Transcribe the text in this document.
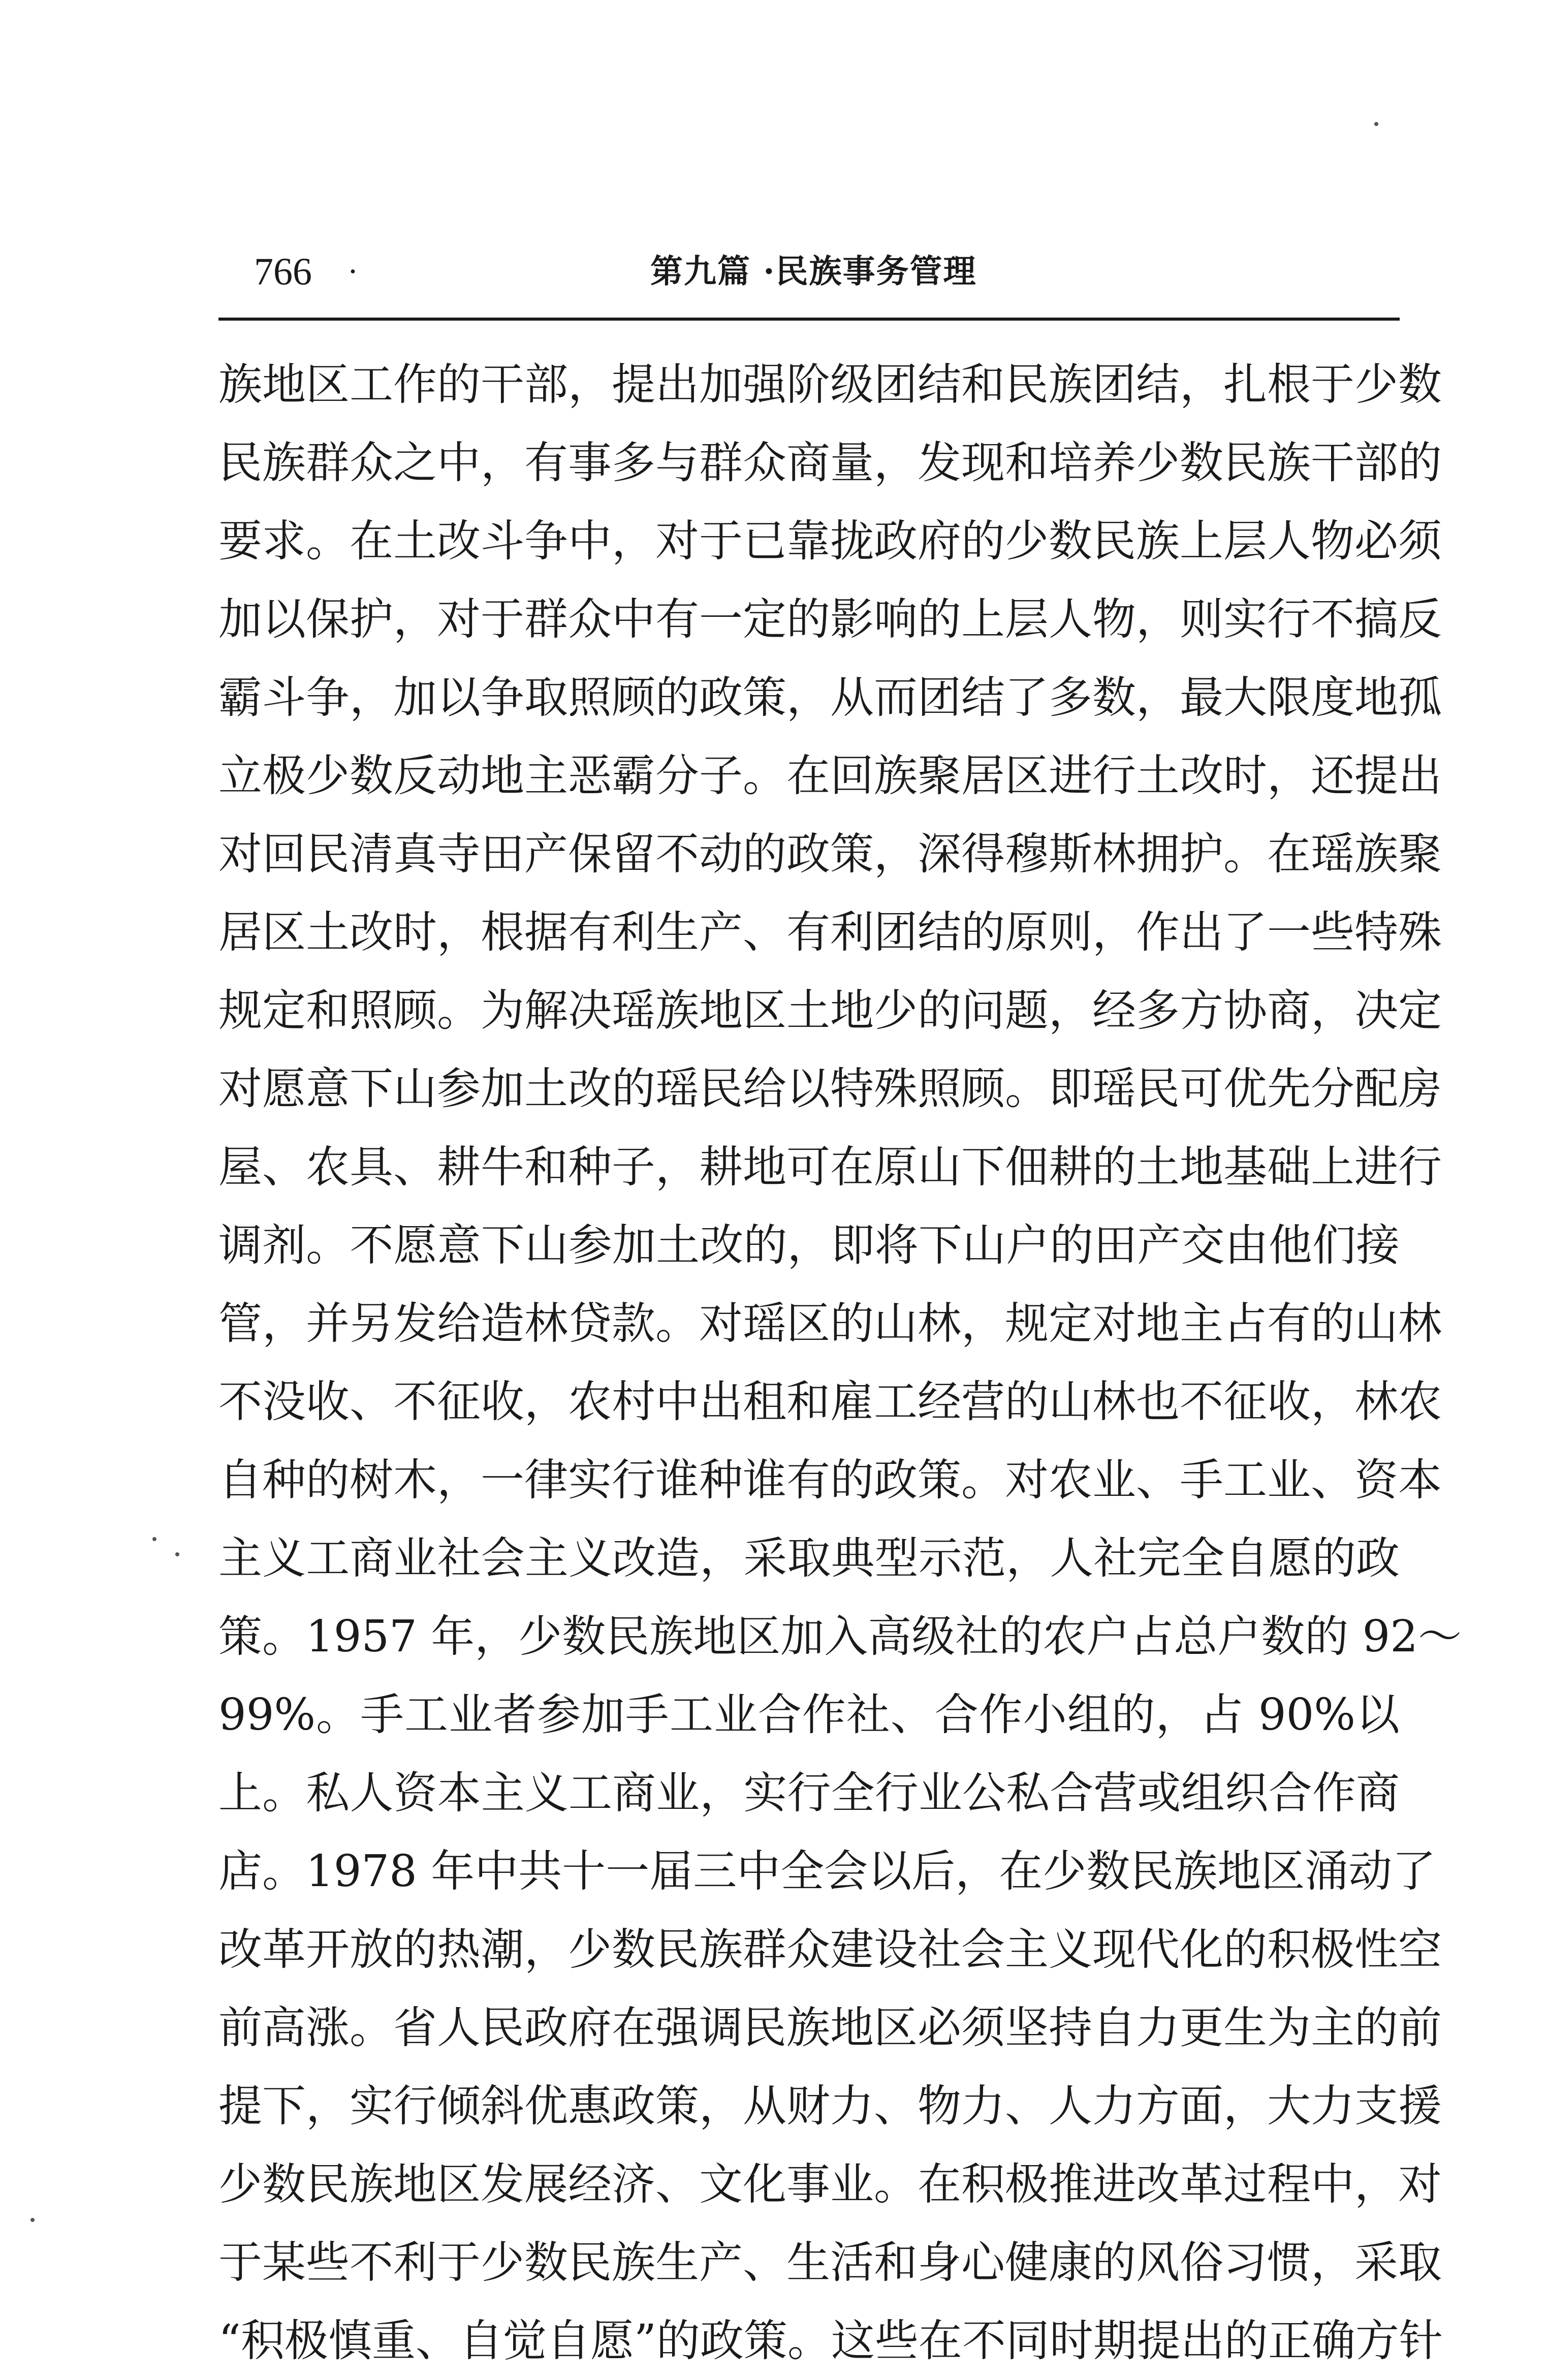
766 ·	第九篇 ·民族事务管理
族地区工作的干部，提出加强阶级团结和民族团结，扎根于少数
民族群众之中，有事多与群众商量，发现和培养少数民族干部的
要求。在土改斗争中，对于已靠拢政府的少数民族上层人物必须
加以保护，对于群众中有一定的影响的上层人物，则实行不搞反
霸斗争，加以争取照顾的政策，从而团结了多数，最大限度地孤
立极少数反动地主恶霸分子。在回族聚居区进行土改时，还提出
对回民清真寺田产保留不动的政策，深得穆斯林拥护。在瑶族聚
居区土改时，根据有利生产、有利团结的原则，作出了一些特殊
规定和照顾。为解决瑶族地区土地少的问题，经多方协商，决定
对愿意下山参加土改的瑶民给以特殊照顾。即瑶民可优先分配房
屋、农具、耕牛和种子，耕地可在原山下佃耕的土地基础上进行
调剂。不愿意下山参加土改的，即将下山户的田产交由他们接
管，并另发给造林贷款。对瑶区的山林，规定对地主占有的山林
不没收、不征收，农村中出租和雇工经营的山林也不征收，林农
自种的树木，一律实行谁种谁有的政策。对农业、手工业、资本
主义工商业社会主义改造，采取典型示范，人社完全自愿的政
策。1957 年，少数民族地区加入高级社的农户占总户数的 92～
99%。手工业者参加手工业合作社、合作小组的，占 90%以
上。私人资本主义工商业，实行全行业公私合营或组织合作商
店。1978 年中共十一届三中全会以后，在少数民族地区涌动了
改革开放的热潮，少数民族群众建设社会主义现代化的积极性空
前高涨。省人民政府在强调民族地区必须坚持自力更生为主的前
提下，实行倾斜优惠政策，从财力、物力、人力方面，大力支援
少数民族地区发展经济、文化事业。在积极推进改革过程中，对
于某些不利于少数民族生产、生活和身心健康的风俗习惯，采取
“积极慎重、自觉自愿”的政策。这些在不同时期提出的正确方针
